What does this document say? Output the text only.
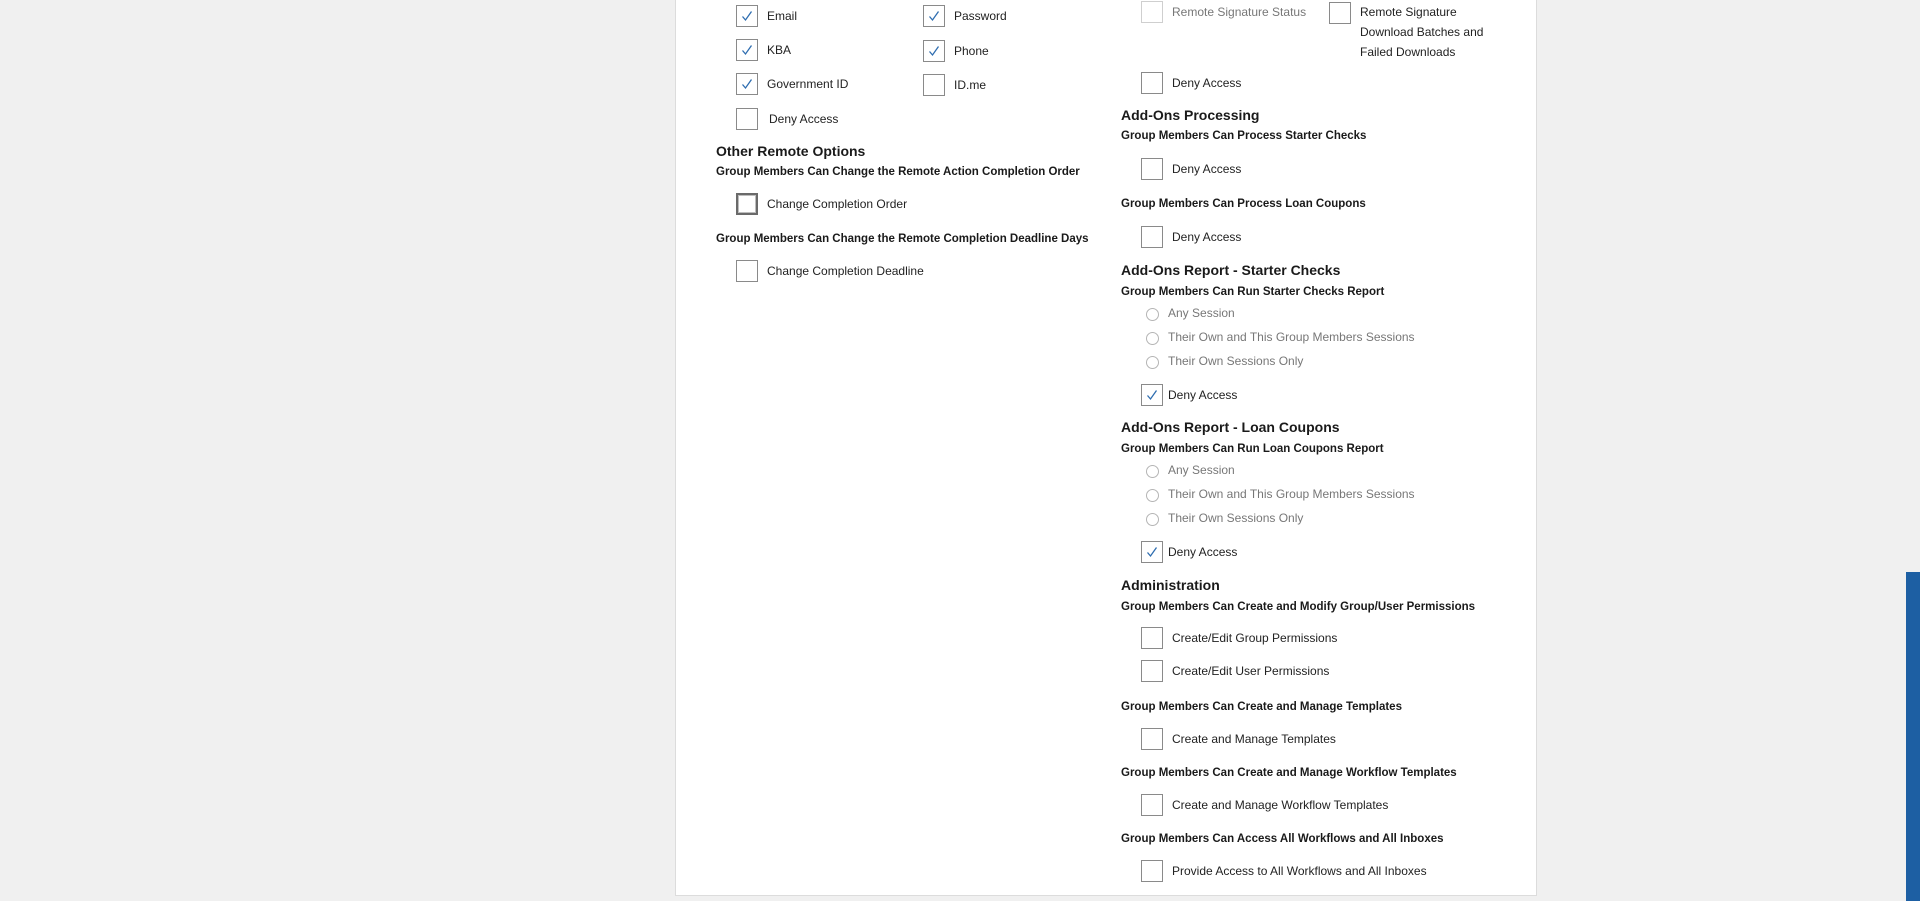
Email	Password
KBA	Phone
Government ID	ID.me
Deny Access
Other Remote Options
Group Members Can Change the Remote Action Completion Order
Change Completion Order
Group Members Can Change the Remote Completion Deadline Days
Change Completion Deadline
Remote Signature Status	Remote Signature Download Batches and Failed Downloads
Deny Access
Add-Ons Processing
Group Members Can Process Starter Checks
Deny Access
Group Members Can Process Loan Coupons
Deny Access
Add-Ons Report - Starter Checks
Group Members Can Run Starter Checks Report
Any Session
Their Own and This Group Members Sessions
Their Own Sessions Only
Deny Access
Add-Ons Report - Loan Coupons
Group Members Can Run Loan Coupons Report
Any Session
Their Own and This Group Members Sessions
Their Own Sessions Only
Deny Access
Administration
Group Members Can Create and Modify Group/User Permissions
Create/Edit Group Permissions
Create/Edit User Permissions
Group Members Can Create and Manage Templates
Create and Manage Templates
Group Members Can Create and Manage Workflow Templates
Create and Manage Workflow Templates
Group Members Can Access All Workflows and All Inboxes
Provide Access to All Workflows and All Inboxes
